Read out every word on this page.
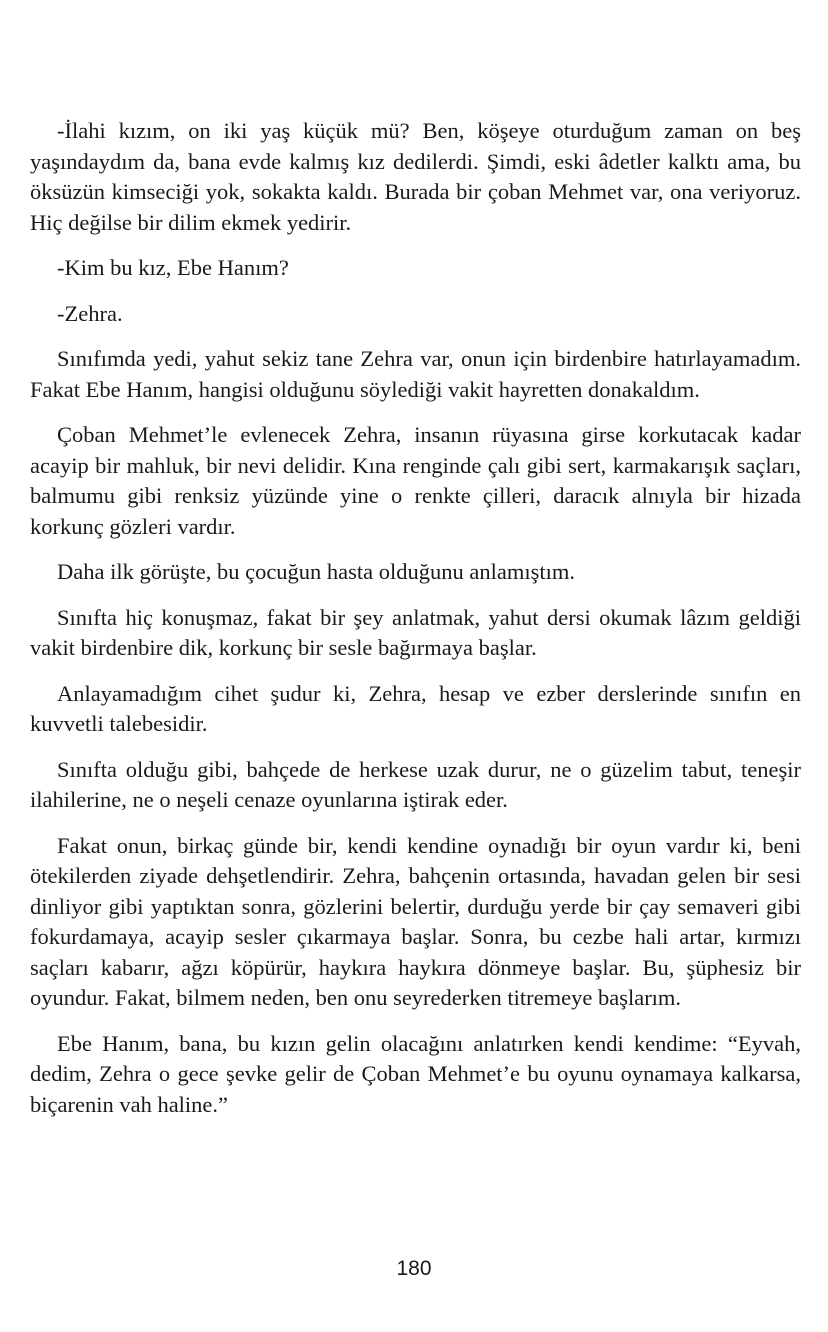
-İlahi kızım, on iki yaş küçük mü? Ben, köşeye oturduğum zaman on beş yaşındaydım da, bana evde kalmış kız dedilerdi. Şimdi, eski âdetler kalktı ama, bu öksüzün kimseciği yok, sokakta kaldı. Burada bir çoban Mehmet var, ona veriyoruz. Hiç değilse bir dilim ekmek yedirir.

-Kim bu kız, Ebe Hanım?

-Zehra.

Sınıfımda yedi, yahut sekiz tane Zehra var, onun için birdenbire hatırlayamadım. Fakat Ebe Hanım, hangisi olduğunu söylediği vakit hayretten donakaldım.

Çoban Mehmet’le evlenecek Zehra, insanın rüyasına girse korkutacak kadar acayip bir mahluk, bir nevi delidir. Kına renginde çalı gibi sert, karmakarışık saçları, balmumu gibi renksiz yüzünde yine o renkte çilleri, daracık alnıyla bir hizada korkunç gözleri vardır.

Daha ilk görüşte, bu çocuğun hasta olduğunu anlamıştım.

Sınıfta hiç konuşmaz, fakat bir şey anlatmak, yahut dersi okumak lâzım geldiği vakit birdenbire dik, korkunç bir sesle bağırmaya başlar.

Anlayamadığım cihet şudur ki, Zehra, hesap ve ezber derslerinde sınıfın en kuvvetli talebesidir.

Sınıfta olduğu gibi, bahçede de herkese uzak durur, ne o güzelim tabut, teneşir ilahilerine, ne o neşeli cenaze oyunlarına iştirak eder.

Fakat onun, birkaç günde bir, kendi kendine oynadığı bir oyun vardır ki, beni ötekilerden ziyade dehşetlendirir. Zehra, bahçenin ortasında, havadan gelen bir sesi dinliyor gibi yaptıktan sonra, gözlerini belertir, durduğu yerde bir çay semaveri gibi fokurdamaya, acayip sesler çıkarmaya başlar. Sonra, bu cezbe hali artar, kırmızı saçları kabarır, ağzı köpürür, haykıra haykıra dönmeye başlar. Bu, şüphesiz bir oyundur. Fakat, bilmem neden, ben onu seyrederken titremeye başlarım.

Ebe Hanım, bana, bu kızın gelin olacağını anlatırken kendi kendime: “Eyvah, dedim, Zehra o gece şevke gelir de Çoban Mehmet’e bu oyunu oynamaya kalkarsa, biçarenin vah haline.”

180
